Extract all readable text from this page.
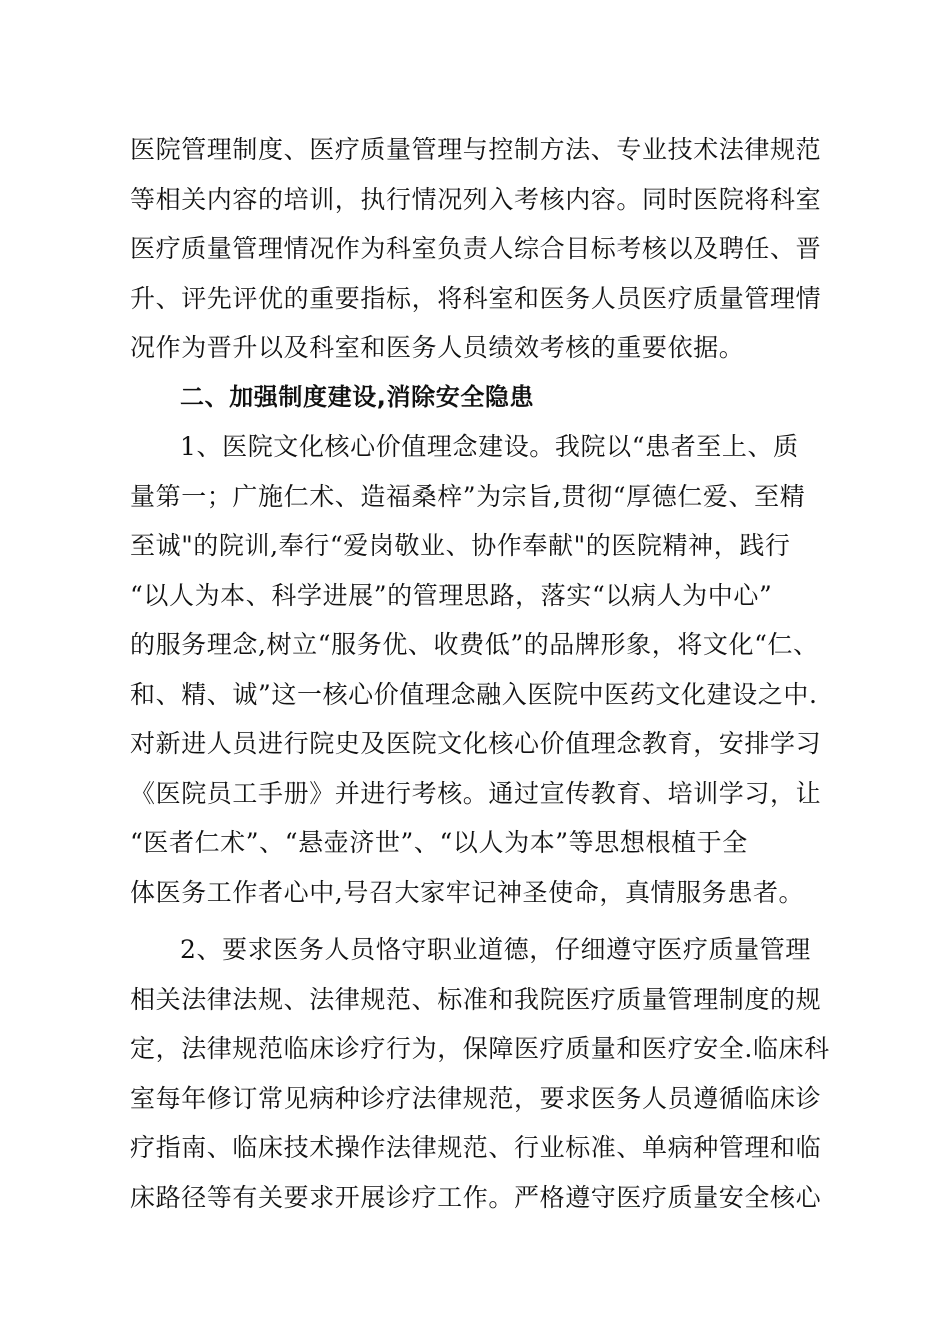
医院管理制度、医疗质量管理与控制方法、专业技术法律规范
等相关内容的培训，执行情况列入考核内容。同时医院将科室
医疗质量管理情况作为科室负责人综合目标考核以及聘任、晋
升、评先评优的重要指标，将科室和医务人员医疗质量管理情
况作为晋升以及科室和医务人员绩效考核的重要依据。
二、加强制度建设,消除安全隐患
1、医院文化核心价值理念建设。我院以“患者至上、质
量第一；广施仁术、造福桑梓”为宗旨,贯彻“厚德仁爱、至精
至诚"的院训,奉行“爱岗敬业、协作奉献"的医院精神，践行
“以人为本、科学进展”的管理思路，落实“以病人为中心”
的服务理念,树立“服务优、收费低”的品牌形象，将文化“仁、
和、精、诚”这一核心价值理念融入医院中医药文化建设之中.
对新进人员进行院史及医院文化核心价值理念教育，安排学习
《医院员工手册》并进行考核。通过宣传教育、培训学习，让
“医者仁术”、“悬壶济世”、“以人为本”等思想根植于全
体医务工作者心中,号召大家牢记神圣使命，真情服务患者。
2、要求医务人员恪守职业道德，仔细遵守医疗质量管理
相关法律法规、法律规范、标准和我院医疗质量管理制度的规
定，法律规范临床诊疗行为，保障医疗质量和医疗安全.临床科
室每年修订常见病种诊疗法律规范，要求医务人员遵循临床诊
疗指南、临床技术操作法律规范、行业标准、单病种管理和临
床路径等有关要求开展诊疗工作。严格遵守医疗质量安全核心
